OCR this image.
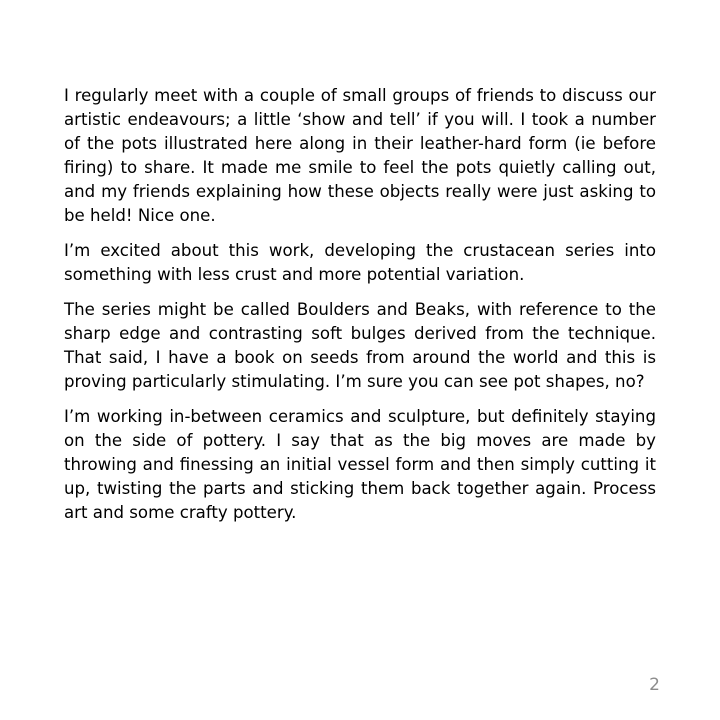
I regularly meet with a couple of small groups of friends to discuss our artistic endeavours; a little ‘show and tell’ if you will. I took a number of the pots illustrated here along in their leather-hard form (ie before firing) to share. It made me smile to feel the pots quietly calling out, and my friends explaining how these objects really were just asking to be held! Nice one.

I’m excited about this work, developing the crustacean series into something with less crust and more potential variation.

The series might be called Boulders and Beaks, with reference to the sharp edge and contrasting soft bulges derived from the technique. That said, I have a book on seeds from around the world and this is proving particularly stimulating. I’m sure you can see pot shapes, no?

I’m working in-between ceramics and sculpture, but definitely staying on the side of pottery. I say that as the big moves are made by throwing and finessing an initial vessel form and then simply cutting it up, twisting the parts and sticking them back together again. Process art and some crafty pottery.

2
